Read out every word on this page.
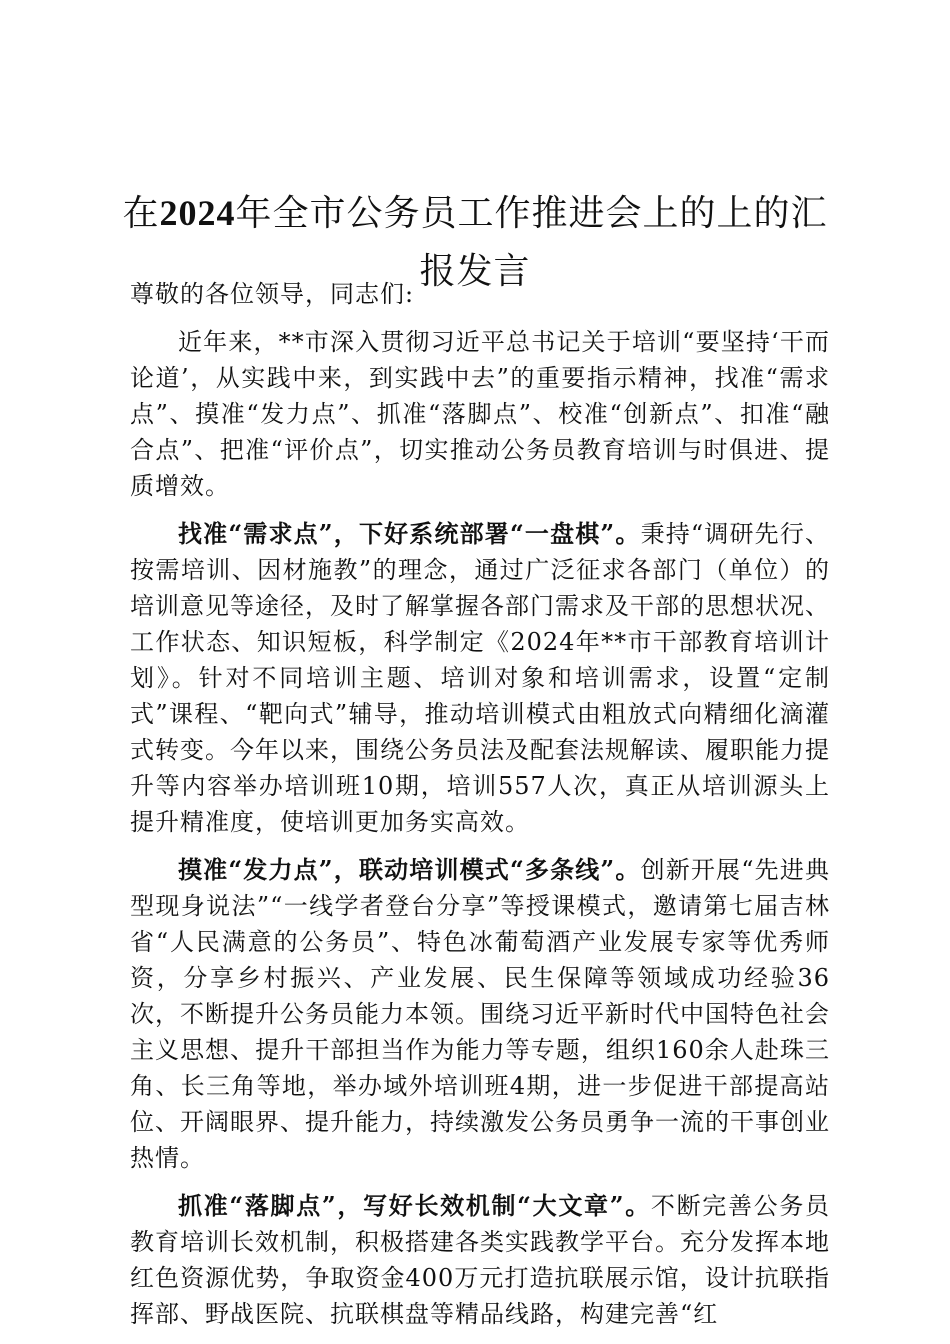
在2024年全市公务员工作推进会上的上的汇报发言
尊敬的各位领导，同志们:

近年来，**市深入贯彻习近平总书记关于培训“要坚持‘干而论道’，从实践中来，到实践中去”的重要指示精神，找准“需求点”、摸准“发力点”、抓准“落脚点”、校准“创新点”、扣准“融合点”、把准“评价点”，切实推动公务员教育培训与时俱进、提质增效。

找准“需求点”，下好系统部署“一盘棋”。秉持“调研先行、按需培训、因材施教”的理念，通过广泛征求各部门（单位）的培训意见等途径，及时了解掌握各部门需求及干部的思想状况、工作状态、知识短板，科学制定《2024年**市干部教育培训计划》。针对不同培训主题、培训对象和培训需求，设置“定制式”课程、“靶向式”辅导，推动培训模式由粗放式向精细化滴灌式转变。今年以来，围绕公务员法及配套法规解读、履职能力提升等内容举办培训班10期，培训557人次，真正从培训源头上提升精准度，使培训更加务实高效。

摸准“发力点”，联动培训模式“多条线”。创新开展“先进典型现身说法”“一线学者登台分享”等授课模式，邀请第七届吉林省“人民满意的公务员”、特色冰葡萄酒产业发展专家等优秀师资，分享乡村振兴、产业发展、民生保障等领域成功经验36次，不断提升公务员能力本领。围绕习近平新时代中国特色社会主义思想、提升干部担当作为能力等专题，组织160余人赴珠三角、长三角等地，举办域外培训班4期，进一步促进干部提高站位、开阔眼界、提升能力，持续激发公务员勇争一流的干事创业热情。

抓准“落脚点”，写好长效机制“大文章”。不断完善公务员教育培训长效机制，积极搭建各类实践教学平台。充分发挥本地红色资源优势，争取资金400万元打造抗联展示馆，设计抗联指挥部、野战医院、抗联棋盘等精品线路，构建完善“红
